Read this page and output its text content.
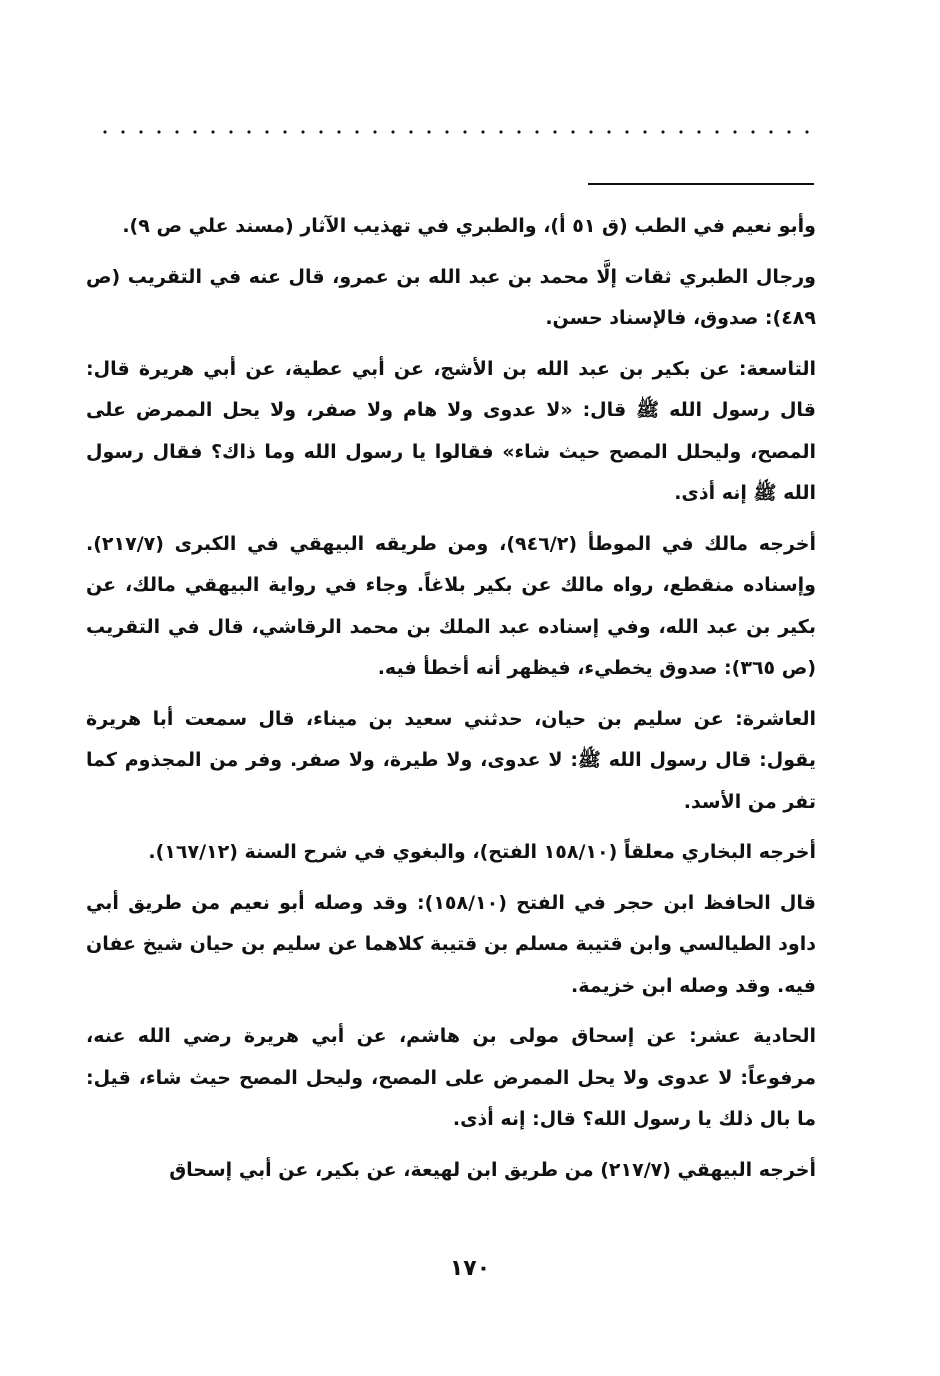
وأبو نعيم في الطب (ق ٥١ أ)، والطبري في تهذيب الآثار (مسند علي ص ٩).

ورجال الطبري ثقات إلَّا محمد بن عبد الله بن عمرو، قال عنه في التقريب (ص ٤٨٩): صدوق، فالإسناد حسن.

التاسعة: عن بكير بن عبد الله بن الأشج، عن أبي عطية، عن أبي هريرة قال: قال رسول الله ﷺ قال: «لا عدوى ولا هام ولا صفر، ولا يحل الممرض على المصح، وليحلل المصح حيث شاء» فقالوا يا رسول الله وما ذاك؟ فقال رسول الله ﷺ إنه أذى.

أخرجه مالك في الموطأ (٩٤٦/٢)، ومن طريقه البيهقي في الكبرى (٢١٧/٧). وإسناده منقطع، رواه مالك عن بكير بلاغاً. وجاء في رواية البيهقي مالك، عن بكير بن عبد الله، وفي إسناده عبد الملك بن محمد الرقاشي، قال في التقريب (ص ٣٦٥): صدوق يخطيء، فيظهر أنه أخطأ فيه.

العاشرة: عن سليم بن حيان، حدثني سعيد بن ميناء، قال سمعت أبا هريرة يقول: قال رسول الله ﷺ: لا عدوى، ولا طيرة، ولا صفر. وفر من المجذوم كما تفر من الأسد.

أخرجه البخاري معلقاً (١٥٨/١٠ الفتح)، والبغوي في شرح السنة (١٦٧/١٢).

قال الحافظ ابن حجر في الفتح (١٥٨/١٠): وقد وصله أبو نعيم من طريق أبي داود الطيالسي وابن قتيبة مسلم بن قتيبة كلاهما عن سليم بن حيان شيخ عفان فيه. وقد وصله ابن خزيمة.

الحادية عشر: عن إسحاق مولى بن هاشم، عن أبي هريرة رضي الله عنه، مرفوعاً: لا عدوى ولا يحل الممرض على المصح، وليحل المصح حيث شاء، قيل: ما بال ذلك يا رسول الله؟ قال: إنه أذى.

أخرجه البيهقي (٢١٧/٧) من طريق ابن لهيعة، عن بكير، عن أبي إسحاق

١٧٠
